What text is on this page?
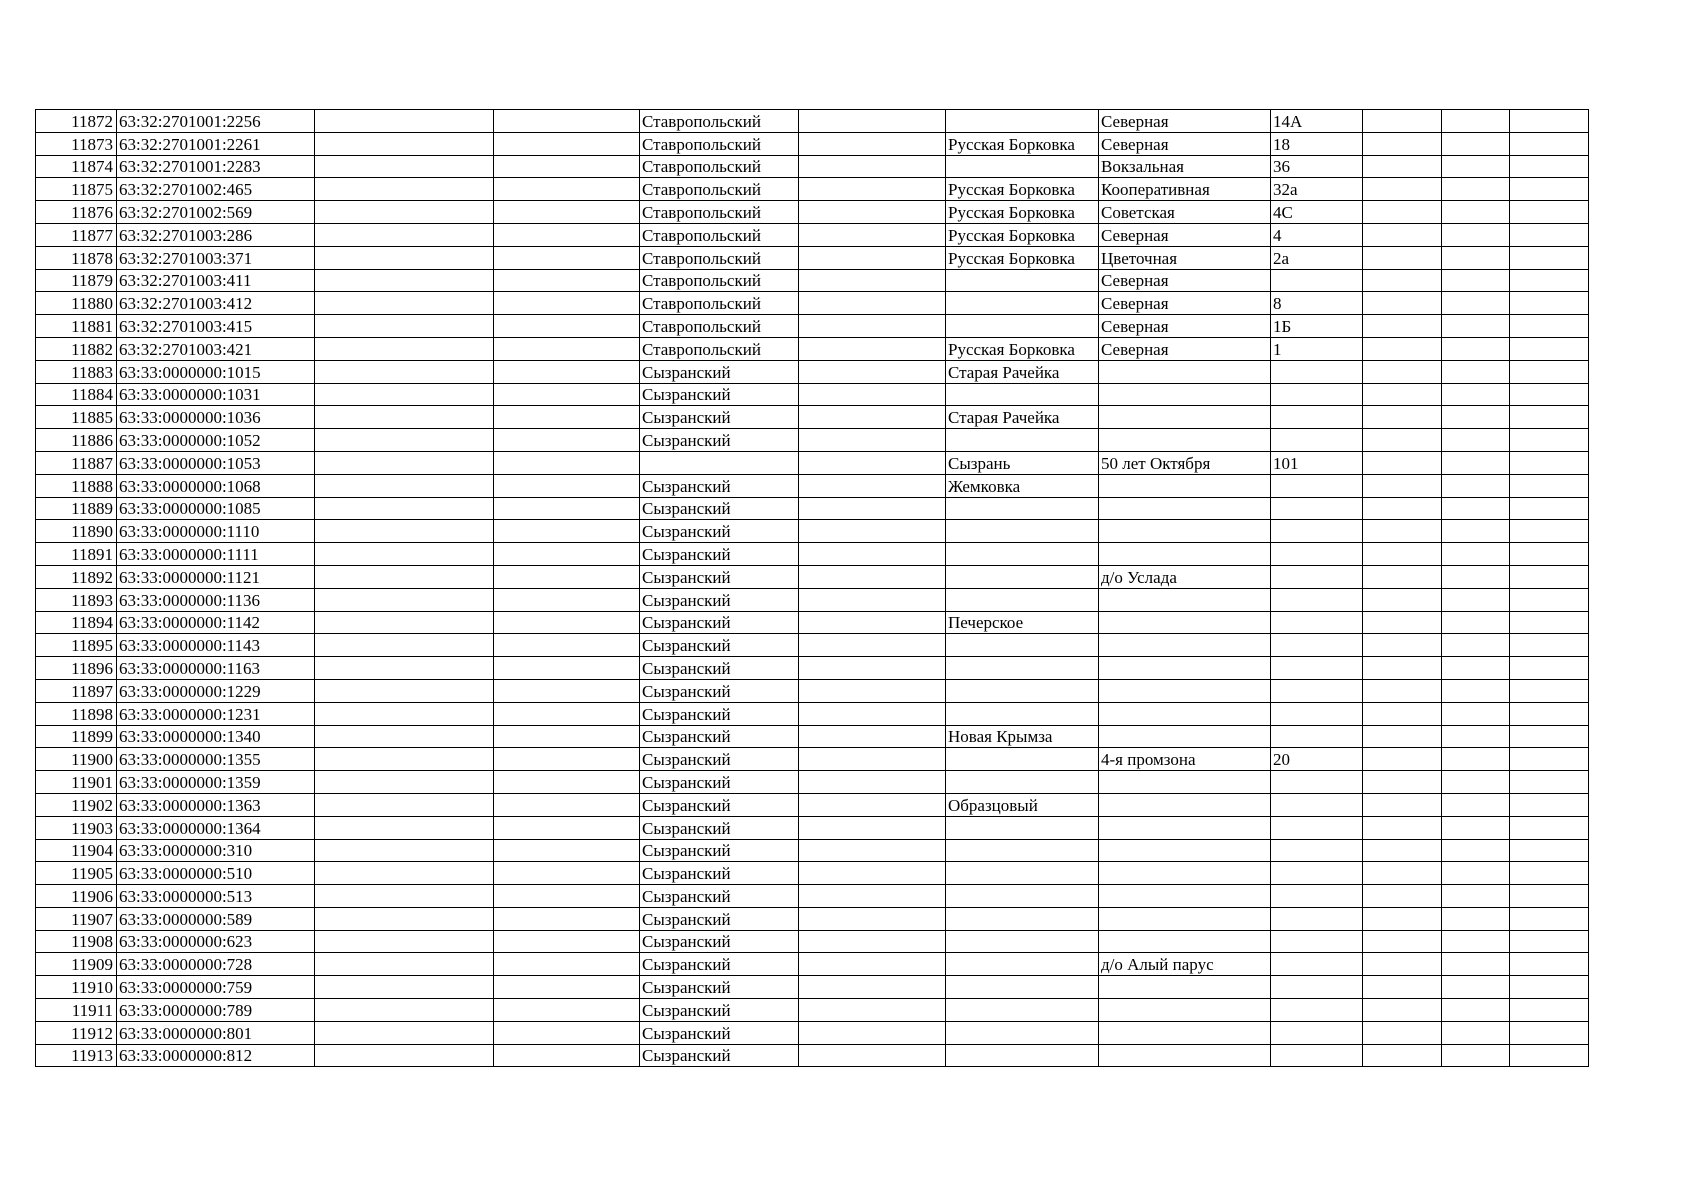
11872	63:32:2701001:2256			Ставропольский			Северная	14А			
11873	63:32:2701001:2261			Ставропольский		Русская Борковка	Северная	18			
11874	63:32:2701001:2283			Ставропольский			Вокзальная	36			
11875	63:32:2701002:465			Ставропольский		Русская Борковка	Кооперативная	32а			
11876	63:32:2701002:569			Ставропольский		Русская Борковка	Советская	4С			
11877	63:32:2701003:286			Ставропольский		Русская Борковка	Северная	4			
11878	63:32:2701003:371			Ставропольский		Русская Борковка	Цветочная	2а			
11879	63:32:2701003:411			Ставропольский			Северная				
11880	63:32:2701003:412			Ставропольский			Северная	8			
11881	63:32:2701003:415			Ставропольский			Северная	1Б			
11882	63:32:2701003:421			Ставропольский		Русская Борковка	Северная	1			
11883	63:33:0000000:1015			Сызранский		Старая Рачейка					
11884	63:33:0000000:1031			Сызранский							
11885	63:33:0000000:1036			Сызранский		Старая Рачейка					
11886	63:33:0000000:1052			Сызранский							
11887	63:33:0000000:1053					Сызрань	50 лет Октября	101			
11888	63:33:0000000:1068			Сызранский		Жемковка					
11889	63:33:0000000:1085			Сызранский							
11890	63:33:0000000:1110			Сызранский							
11891	63:33:0000000:1111			Сызранский							
11892	63:33:0000000:1121			Сызранский			д/о Услада				
11893	63:33:0000000:1136			Сызранский							
11894	63:33:0000000:1142			Сызранский		Печерское					
11895	63:33:0000000:1143			Сызранский							
11896	63:33:0000000:1163			Сызранский							
11897	63:33:0000000:1229			Сызранский							
11898	63:33:0000000:1231			Сызранский							
11899	63:33:0000000:1340			Сызранский		Новая Крымза					
11900	63:33:0000000:1355			Сызранский			4-я промзона	20			
11901	63:33:0000000:1359			Сызранский							
11902	63:33:0000000:1363			Сызранский		Образцовый					
11903	63:33:0000000:1364			Сызранский							
11904	63:33:0000000:310			Сызранский							
11905	63:33:0000000:510			Сызранский							
11906	63:33:0000000:513			Сызранский							
11907	63:33:0000000:589			Сызранский							
11908	63:33:0000000:623			Сызранский							
11909	63:33:0000000:728			Сызранский			д/о Алый парус				
11910	63:33:0000000:759			Сызранский							
11911	63:33:0000000:789			Сызранский							
11912	63:33:0000000:801			Сызранский							
11913	63:33:0000000:812			Сызранский							
